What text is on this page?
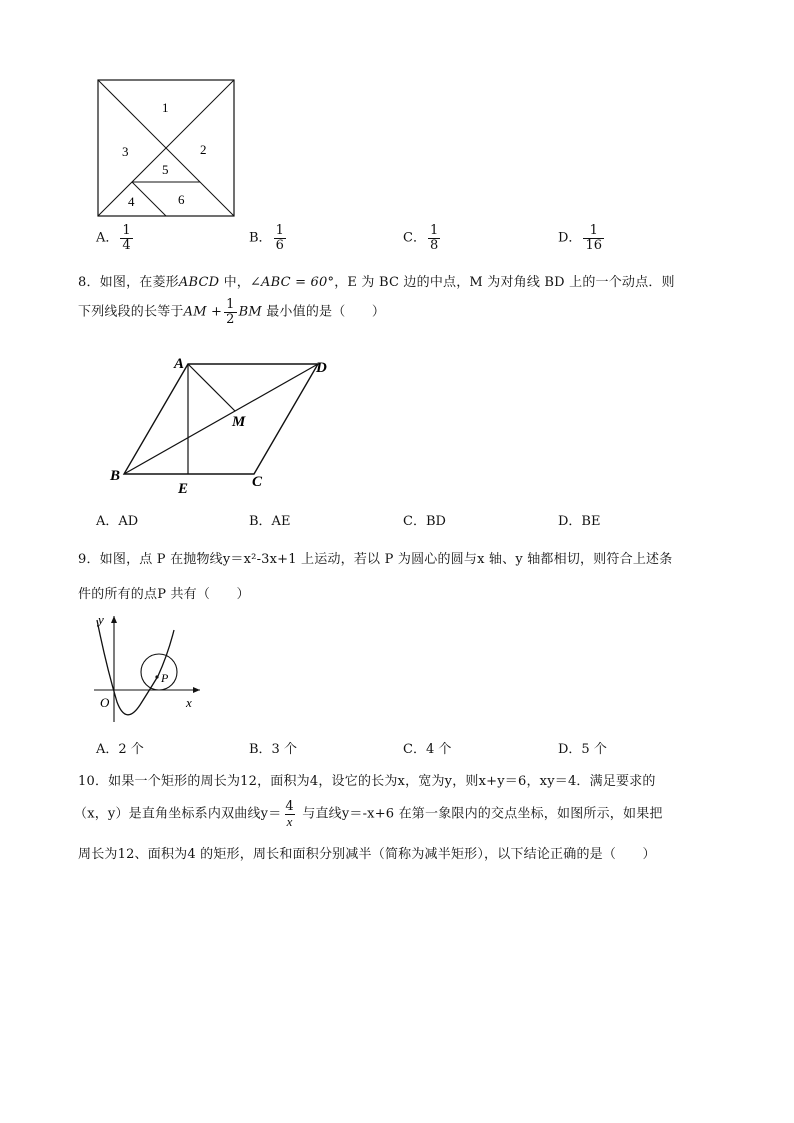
1
2
3
5
4	6
A． $\frac{1}{4}$	B． $\frac{1}{6}$	C． $\frac{1}{8}$	D． $\frac{1}{16}$
8．如图，在菱形ABCD 中，∠ABC = 60°，E 为 BC 边的中点，M 为对角线 BD 上的一个动点．则
下列线段的长等于AM + $\frac{1}{2}$ BM 最小值的是（　　）
A	D
M
B
E	C
A．AD	B．AE	C．BD	D．BE
9．如图，点 P 在抛物线y＝x²-3x+1 上运动，若以 P 为圆心的圆与x 轴、y 轴都相切，则符合上述条
件的所有的点P 共有（　　）
y
O	x
P
A．2 个	B．3 个	C．4 个	D．5 个
10．如果一个矩形的周长为12，面积为4，设它的长为x，宽为y，则x+y＝6，xy＝4．满足要求的
（x，y）是直角坐标系内双曲线$y= \frac{4}{x}$ 与直线y＝-x+6 在第一象限内的交点坐标，如图所示，如果把
周长为12、面积为4 的矩形，周长和面积分别减半（简称为减半矩形），以下结论正确的是（　　）
